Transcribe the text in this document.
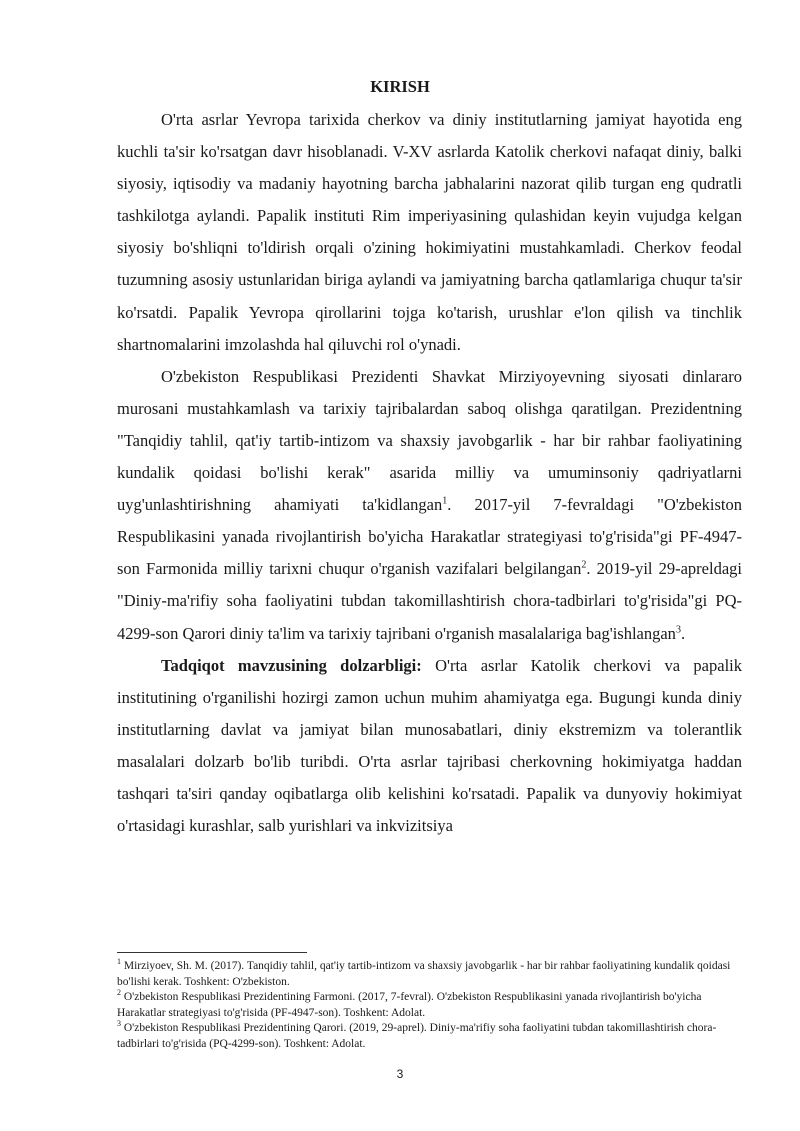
KIRISH

O'rta asrlar Yevropa tarixida cherkov va diniy institutlarning jamiyat hayotida eng kuchli ta'sir ko'rsatgan davr hisoblanadi. V-XV asrlarda Katolik cherkovi nafaqat diniy, balki siyosiy, iqtisodiy va madaniy hayotning barcha jabhalarini nazorat qilib turgan eng qudratli tashkilotga aylandi. Papalik instituti Rim imperiyasining qulashidan keyin vujudga kelgan siyosiy bo'shliqni to'ldirish orqali o'zining hokimiyatini mustahkamladi. Cherkov feodal tuzumning asosiy ustunlaridan biriga aylandi va jamiyatning barcha qatlamlariga chuqur ta'sir ko'rsatdi. Papalik Yevropa qirollarini tojga ko'tarish, urushlar e'lon qilish va tinchlik shartnomalarini imzolashda hal qiluvchi rol o'ynadi.

O'zbekiston Respublikasi Prezidenti Shavkat Mirziyoyevning siyosati dinlararo murosani mustahkamlash va tarixiy tajribalardan saboq olishga qaratilgan. Prezidentning "Tanqidiy tahlil, qat'iy tartib-intizom va shaxsiy javobgarlik - har bir rahbar faoliyatining kundalik qoidasi bo'lishi kerak" asarida milliy va umuminsoniy qadriyatlarni uyg'unlashtirishning ahamiyati ta'kidlangan$^1$. 2017-yil 7-fevraldagi "O'zbekiston Respublikasini yanada rivojlantirish bo'yicha Harakatlar strategiyasi to'g'risida"gi PF-4947-son Farmonida milliy tarixni chuqur o'rganish vazifalari belgilangan$^2$. 2019-yil 29-apreldagi "Diniy-ma'rifiy soha faoliyatini tubdan takomillashtirish chora-tadbirlari to'g'risida"gi PQ-4299-son Qarori diniy ta'lim va tarixiy tajribani o'rganish masalalariga bag'ishlangan$^3$.

Tadqiqot mavzusining dolzarbligi: O'rta asrlar Katolik cherkovi va papalik institutining o'rganilishi hozirgi zamon uchun muhim ahamiyatga ega. Bugungi kunda diniy institutlarning davlat va jamiyat bilan munosabatlari, diniy ekstremizm va tolerantlik masalalari dolzarb bo'lib turibdi. O'rta asrlar tajribasi cherkovning hokimiyatga haddan tashqari ta'siri qanday oqibatlarga olib kelishini ko'rsatadi. Papalik va dunyoviy hokimiyat o'rtasidagi kurashlar, salb yurishlari va inkvizitsiya

$^1$ Mirziyoev, Sh. M. (2017). Tanqidiy tahlil, qat'iy tartib-intizom va shaxsiy javobgarlik - har bir rahbar faoliyatining kundalik qoidasi bo'lishi kerak. Toshkent: O'zbekiston.

$^2$ O'zbekiston Respublikasi Prezidentining Farmoni. (2017, 7-fevral). O'zbekiston Respublikasini yanada rivojlantirish bo'yicha Harakatlar strategiyasi to'g'risida (PF-4947-son). Toshkent: Adolat.

$^3$ O'zbekiston Respublikasi Prezidentining Qarori. (2019, 29-aprel). Diniy-ma'rifiy soha faoliyatini tubdan takomillashtirish chora-tadbirlari to'g'risida (PQ-4299-son). Toshkent: Adolat.

3
